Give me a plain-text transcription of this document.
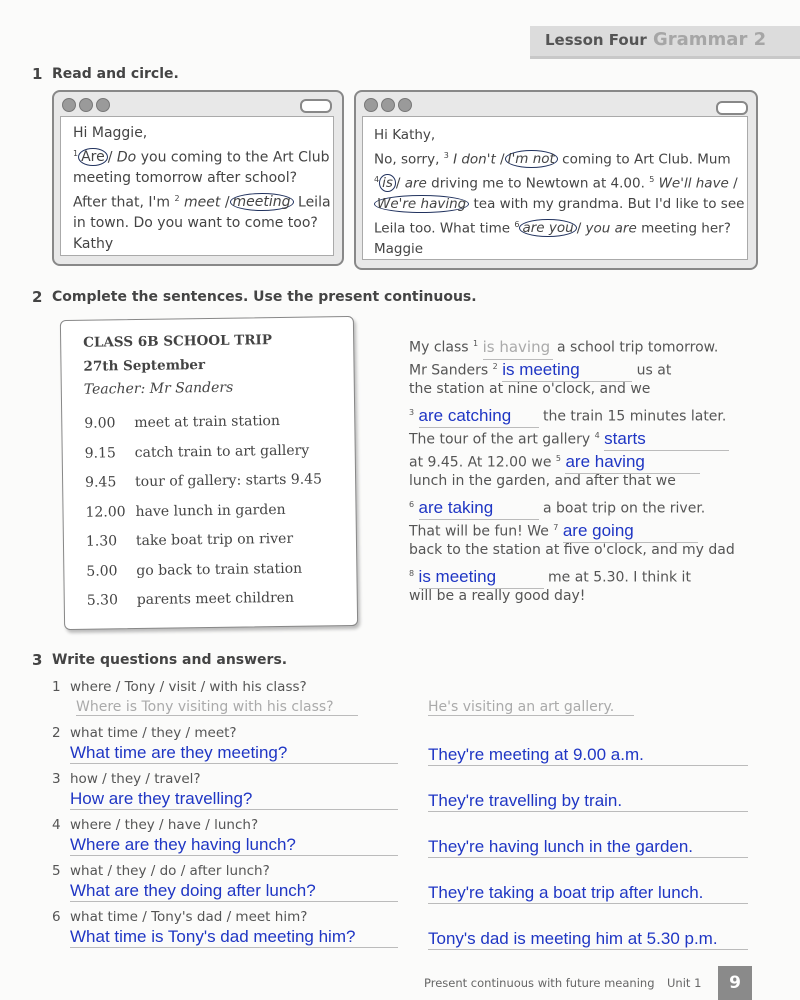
Lesson Four Grammar 2
1 Read and circle.
Hi Maggie,
$^1$ Are / Do you coming to the Art Club
meeting tomorrow after school?
After that, I'm $^2$ meet / meeting Leila
in town. Do you want to come too?
Kathy
Hi Kathy,
No, sorry, $^3$ I don't / I'm not coming to Art Club. Mum
$^4$ is / are driving me to Newtown at 4.00. $^5$ We'll have /
We're having tea with my grandma. But I'd like to see
Leila too. What time $^6$ are you / you are meeting her?
Maggie
2 Complete the sentences. Use the present continuous.
CLASS 6B SCHOOL TRIP
27th September
Teacher: Mr Sanders
9.00 meet at train station
9.15 catch train to art gallery
9.45 tour of gallery: starts 9.45
12.00 have lunch in garden
1.30 take boat trip on river
5.00 go back to train station
5.30 parents meet children
My class $^1$ is having a school trip tomorrow.
Mr Sanders $^2$ is meeting	us at
the station at nine o'clock, and we
$^3$ are catching the train 15 minutes later.
The tour of the art gallery $^4$ starts
at 9.45. At 12.00 we $^5$ are having
lunch in the garden, and after that we
$^6$ are taking	a boat trip on the river.
That will be fun! We $^7$ are going
back to the station at five o'clock, and my dad
$^8$ is meeting	me at 5.30. I think it
will be a really good day!
3 Write questions and answers.
1 where / Tony / visit / with his class?
Where is Tony visiting with his class?	He's visiting an art gallery.
2 what time / they / meet?
What time are they meeting?	They're meeting at 9.00 a.m.
3 how / they / travel?
How are they travelling?	They're travelling by train.
4 where / they / have / lunch?
Where are they having lunch?	They're having lunch in the garden.
5 what / they / do / after lunch?
What are they doing after lunch?	They're taking a boat trip after lunch.
6 what time / Tony's dad / meet him?
What time is Tony's dad meeting him?	Tony's dad is meeting him at 5.30 p.m.
Present continuous with future meaning Unit 1	9
